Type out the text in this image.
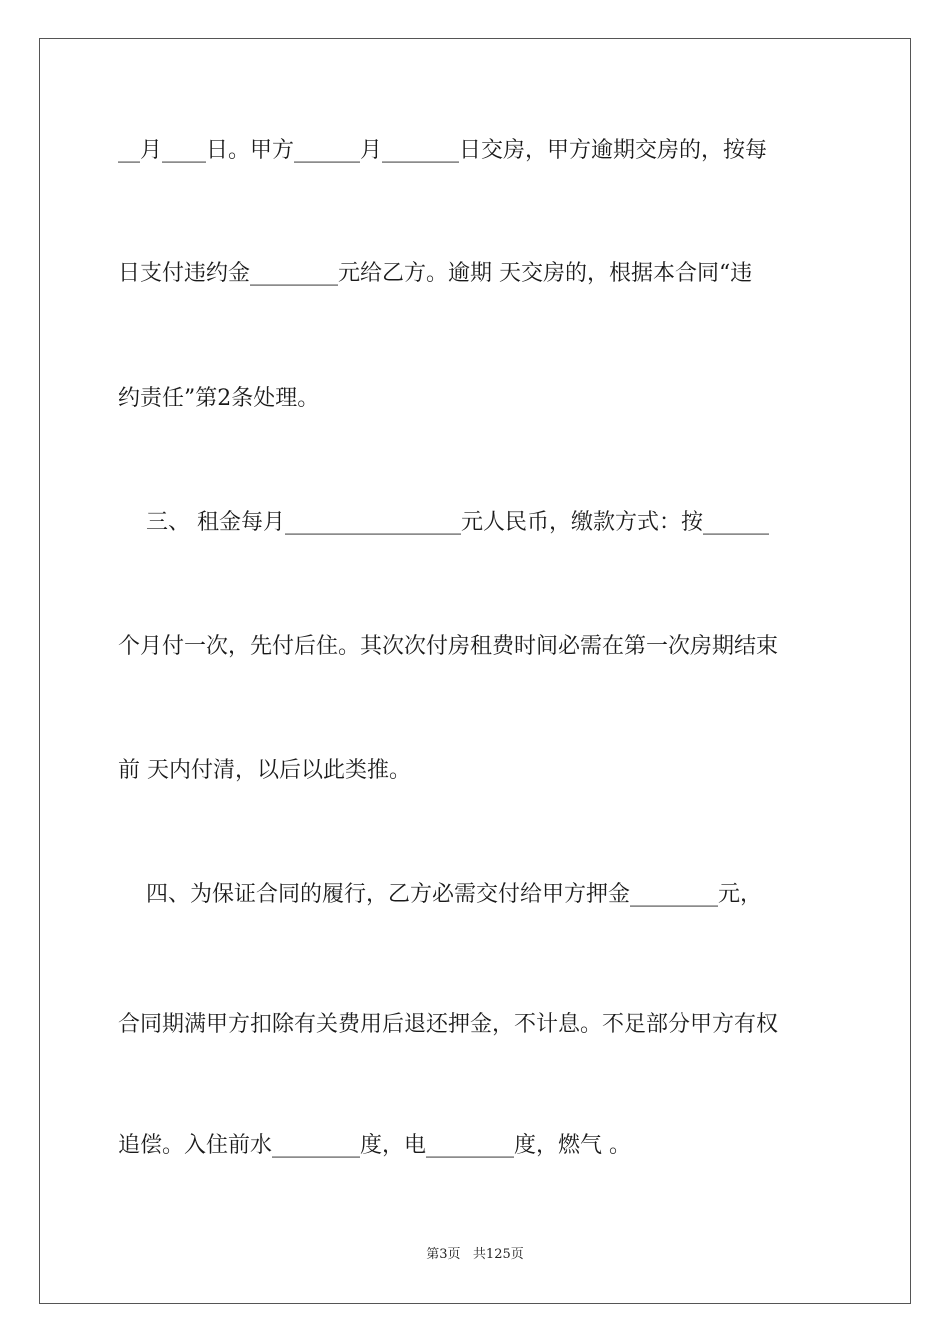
__月____日。甲方______月_______日交房，甲方逾期交房的，按每
日支付违约金________元给乙方。逾期 天交房的，根据本合同“违
约责任”第2条处理。
三、 租金每月________________元人民币，缴款方式：按______
个月付一次，先付后住。其次次付房租费时间必需在第一次房期结束
前 天内付清，以后以此类推。
四、为保证合同的履行，乙方必需交付给甲方押金________元，
合同期满甲方扣除有关费用后退还押金，不计息。不足部分甲方有权
追偿。入住前水________度，电________度，燃气 。
第3页   共125页
